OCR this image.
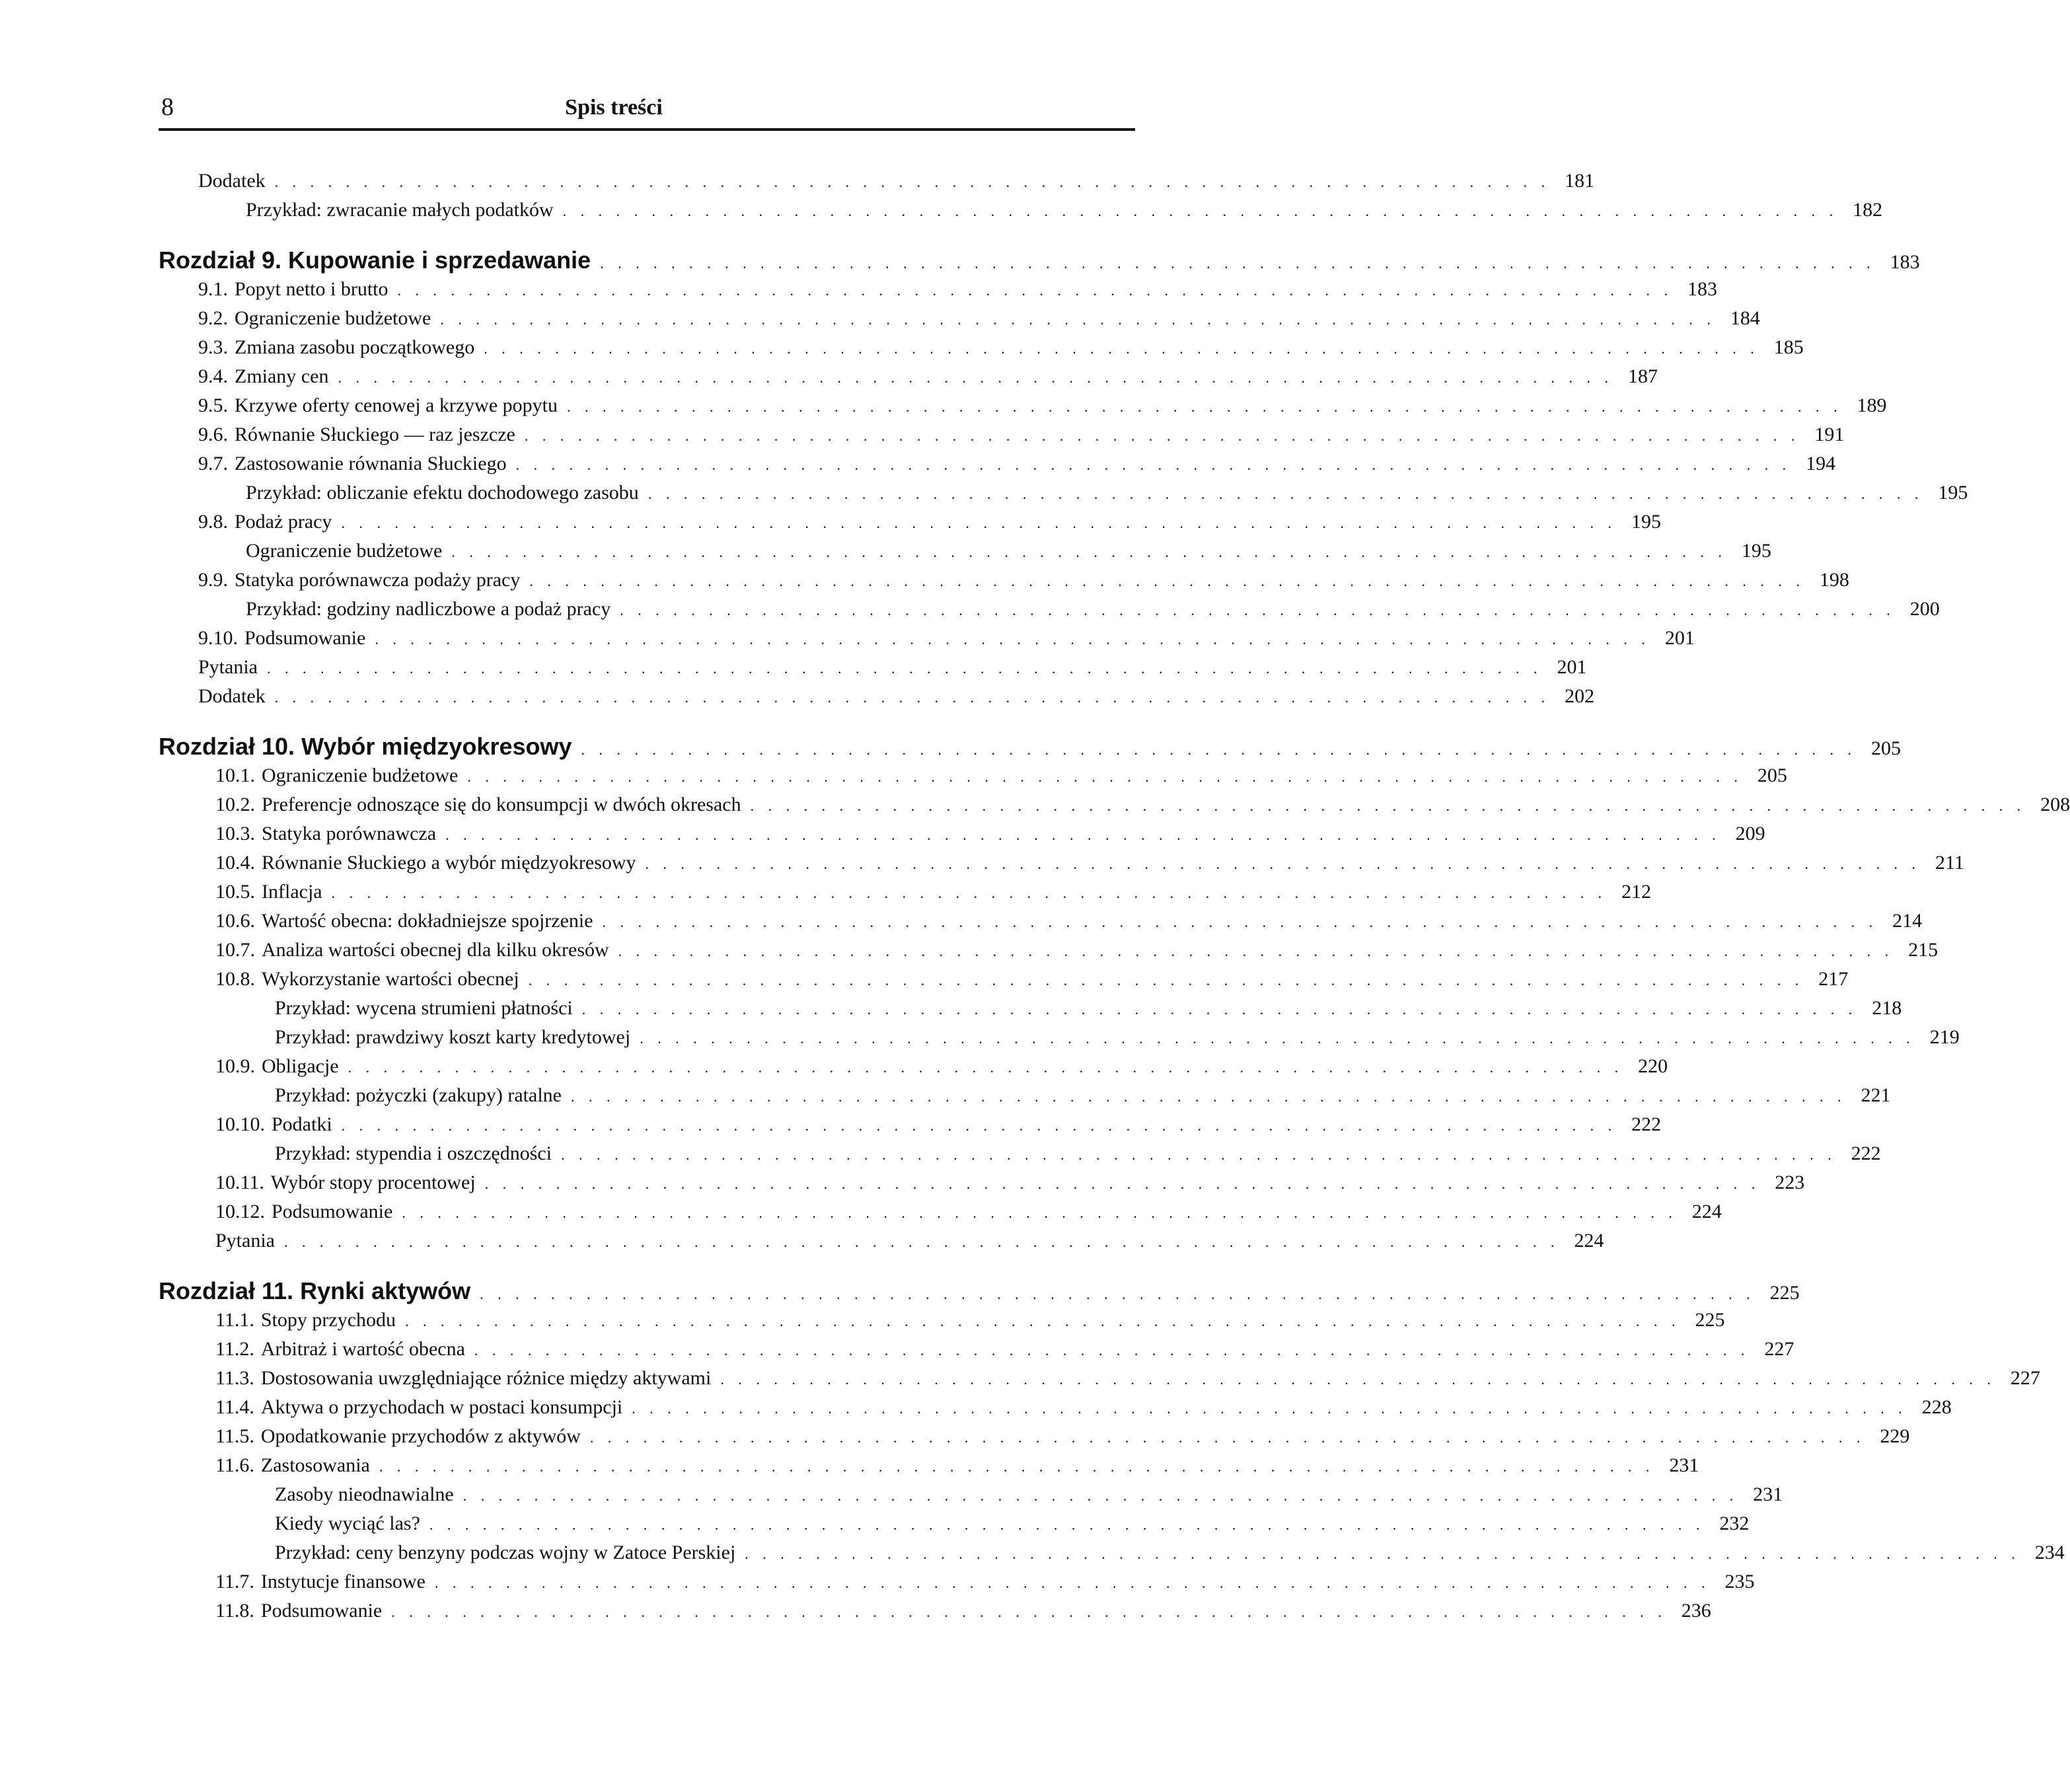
8	Spis treści
Dodatek . . . . . . . . . . . . . . . . . . . . . . . . . . . . . . . . . . . . . . . . . . . . . . . . . . . . . . . . . . . . . . . . . . . . . . . . 181
Przykład: zwracanie małych podatków . . . . . . . . . . . . . . . . . . . . . . . . . . . . . . . . . . . . . . . . . . . . . . . . . . . . . . . . . . . . . . . . . . . . . . . . 182
Rozdział 9. Kupowanie i sprzedawanie . . . . . . . . . . . . . . . . . . . . . . . . . . . . . . . . . . . . . . . . . . . . . . . . . . . . . . . . . . . . . . . . . . . . . . . . 183
9.1. Popyt netto i brutto . . . . . . . . . . . . . . . . . . . . . . . . . . . . . . . . . . . . . . . . . . . . . . . . . . . . . . . . . . . . . . . . . . . . . . . . 183
9.2. Ograniczenie budżetowe . . . . . . . . . . . . . . . . . . . . . . . . . . . . . . . . . . . . . . . . . . . . . . . . . . . . . . . . . . . . . . . . . . . . . . . . 184
9.3. Zmiana zasobu początkowego . . . . . . . . . . . . . . . . . . . . . . . . . . . . . . . . . . . . . . . . . . . . . . . . . . . . . . . . . . . . . . . . . . . . . . . . 185
9.4. Zmiany cen . . . . . . . . . . . . . . . . . . . . . . . . . . . . . . . . . . . . . . . . . . . . . . . . . . . . . . . . . . . . . . . . . . . . . . . . 187
9.5. Krzywe oferty cenowej a krzywe popytu . . . . . . . . . . . . . . . . . . . . . . . . . . . . . . . . . . . . . . . . . . . . . . . . . . . . . . . . . . . . . . . . . . . . . . . . 189
9.6. Równanie Słuckiego — raz jeszcze . . . . . . . . . . . . . . . . . . . . . . . . . . . . . . . . . . . . . . . . . . . . . . . . . . . . . . . . . . . . . . . . . . . . . . . . 191
9.7. Zastosowanie równania Słuckiego . . . . . . . . . . . . . . . . . . . . . . . . . . . . . . . . . . . . . . . . . . . . . . . . . . . . . . . . . . . . . . . . . . . . . . . . 194
Przykład: obliczanie efektu dochodowego zasobu . . . . . . . . . . . . . . . . . . . . . . . . . . . . . . . . . . . . . . . . . . . . . . . . . . . . . . . . . . . . . . . . . . . . . . . . 195
9.8. Podaż pracy . . . . . . . . . . . . . . . . . . . . . . . . . . . . . . . . . . . . . . . . . . . . . . . . . . . . . . . . . . . . . . . . . . . . . . . . 195
Ograniczenie budżetowe . . . . . . . . . . . . . . . . . . . . . . . . . . . . . . . . . . . . . . . . . . . . . . . . . . . . . . . . . . . . . . . . . . . . . . . . 195
9.9. Statyka porównawcza podaży pracy . . . . . . . . . . . . . . . . . . . . . . . . . . . . . . . . . . . . . . . . . . . . . . . . . . . . . . . . . . . . . . . . . . . . . . . . 198
Przykład: godziny nadliczbowe a podaż pracy . . . . . . . . . . . . . . . . . . . . . . . . . . . . . . . . . . . . . . . . . . . . . . . . . . . . . . . . . . . . . . . . . . . . . . . . 200
9.10. Podsumowanie . . . . . . . . . . . . . . . . . . . . . . . . . . . . . . . . . . . . . . . . . . . . . . . . . . . . . . . . . . . . . . . . . . . . . . . . 201
Pytania . . . . . . . . . . . . . . . . . . . . . . . . . . . . . . . . . . . . . . . . . . . . . . . . . . . . . . . . . . . . . . . . . . . . . . . . 201
Dodatek . . . . . . . . . . . . . . . . . . . . . . . . . . . . . . . . . . . . . . . . . . . . . . . . . . . . . . . . . . . . . . . . . . . . . . . . 202
Rozdział 10. Wybór międzyokresowy . . . . . . . . . . . . . . . . . . . . . . . . . . . . . . . . . . . . . . . . . . . . . . . . . . . . . . . . . . . . . . . . . . . . . . . . 205
10.1. Ograniczenie budżetowe . . . . . . . . . . . . . . . . . . . . . . . . . . . . . . . . . . . . . . . . . . . . . . . . . . . . . . . . . . . . . . . . . . . . . . . . 205
10.2. Preferencje odnoszące się do konsumpcji w dwóch okresach . . . . . . . . . . . . . . . . . . . . . . . . . . . . . . . . . . . . . . . . . . . . . . . . . . . . . . . . . . . . . . . . . . . . . . . . 208
10.3. Statyka porównawcza . . . . . . . . . . . . . . . . . . . . . . . . . . . . . . . . . . . . . . . . . . . . . . . . . . . . . . . . . . . . . . . . . . . . . . . . 209
10.4. Równanie Słuckiego a wybór międzyokresowy . . . . . . . . . . . . . . . . . . . . . . . . . . . . . . . . . . . . . . . . . . . . . . . . . . . . . . . . . . . . . . . . . . . . . . . . 211
10.5. Inflacja . . . . . . . . . . . . . . . . . . . . . . . . . . . . . . . . . . . . . . . . . . . . . . . . . . . . . . . . . . . . . . . . . . . . . . . . 212
10.6. Wartość obecna: dokładniejsze spojrzenie . . . . . . . . . . . . . . . . . . . . . . . . . . . . . . . . . . . . . . . . . . . . . . . . . . . . . . . . . . . . . . . . . . . . . . . . 214
10.7. Analiza wartości obecnej dla kilku okresów . . . . . . . . . . . . . . . . . . . . . . . . . . . . . . . . . . . . . . . . . . . . . . . . . . . . . . . . . . . . . . . . . . . . . . . . 215
10.8. Wykorzystanie wartości obecnej . . . . . . . . . . . . . . . . . . . . . . . . . . . . . . . . . . . . . . . . . . . . . . . . . . . . . . . . . . . . . . . . . . . . . . . . 217
Przykład: wycena strumieni płatności . . . . . . . . . . . . . . . . . . . . . . . . . . . . . . . . . . . . . . . . . . . . . . . . . . . . . . . . . . . . . . . . . . . . . . . . 218
Przykład: prawdziwy koszt karty kredytowej . . . . . . . . . . . . . . . . . . . . . . . . . . . . . . . . . . . . . . . . . . . . . . . . . . . . . . . . . . . . . . . . . . . . . . . . 219
10.9. Obligacje . . . . . . . . . . . . . . . . . . . . . . . . . . . . . . . . . . . . . . . . . . . . . . . . . . . . . . . . . . . . . . . . . . . . . . . . 220
Przykład: pożyczki (zakupy) ratalne . . . . . . . . . . . . . . . . . . . . . . . . . . . . . . . . . . . . . . . . . . . . . . . . . . . . . . . . . . . . . . . . . . . . . . . . 221
10.10. Podatki . . . . . . . . . . . . . . . . . . . . . . . . . . . . . . . . . . . . . . . . . . . . . . . . . . . . . . . . . . . . . . . . . . . . . . . . 222
Przykład: stypendia i oszczędności . . . . . . . . . . . . . . . . . . . . . . . . . . . . . . . . . . . . . . . . . . . . . . . . . . . . . . . . . . . . . . . . . . . . . . . . 222
10.11. Wybór stopy procentowej . . . . . . . . . . . . . . . . . . . . . . . . . . . . . . . . . . . . . . . . . . . . . . . . . . . . . . . . . . . . . . . . . . . . . . . . 223
10.12. Podsumowanie . . . . . . . . . . . . . . . . . . . . . . . . . . . . . . . . . . . . . . . . . . . . . . . . . . . . . . . . . . . . . . . . . . . . . . . . 224
Pytania . . . . . . . . . . . . . . . . . . . . . . . . . . . . . . . . . . . . . . . . . . . . . . . . . . . . . . . . . . . . . . . . . . . . . . . . 224
Rozdział 11. Rynki aktywów . . . . . . . . . . . . . . . . . . . . . . . . . . . . . . . . . . . . . . . . . . . . . . . . . . . . . . . . . . . . . . . . . . . . . . . . 225
11.1. Stopy przychodu . . . . . . . . . . . . . . . . . . . . . . . . . . . . . . . . . . . . . . . . . . . . . . . . . . . . . . . . . . . . . . . . . . . . . . . . 225
11.2. Arbitraż i wartość obecna . . . . . . . . . . . . . . . . . . . . . . . . . . . . . . . . . . . . . . . . . . . . . . . . . . . . . . . . . . . . . . . . . . . . . . . . 227
11.3. Dostosowania uwzględniające różnice między aktywami . . . . . . . . . . . . . . . . . . . . . . . . . . . . . . . . . . . . . . . . . . . . . . . . . . . . . . . . . . . . . . . . . . . . . . . . 227
11.4. Aktywa o przychodach w postaci konsumpcji . . . . . . . . . . . . . . . . . . . . . . . . . . . . . . . . . . . . . . . . . . . . . . . . . . . . . . . . . . . . . . . . . . . . . . . . 228
11.5. Opodatkowanie przychodów z aktywów . . . . . . . . . . . . . . . . . . . . . . . . . . . . . . . . . . . . . . . . . . . . . . . . . . . . . . . . . . . . . . . . . . . . . . . . 229
11.6. Zastosowania . . . . . . . . . . . . . . . . . . . . . . . . . . . . . . . . . . . . . . . . . . . . . . . . . . . . . . . . . . . . . . . . . . . . . . . . 231
Zasoby nieodnawialne . . . . . . . . . . . . . . . . . . . . . . . . . . . . . . . . . . . . . . . . . . . . . . . . . . . . . . . . . . . . . . . . . . . . . . . . 231
Kiedy wyciąć las? . . . . . . . . . . . . . . . . . . . . . . . . . . . . . . . . . . . . . . . . . . . . . . . . . . . . . . . . . . . . . . . . . . . . . . . . 232
Przykład: ceny benzyny podczas wojny w Zatoce Perskiej . . . . . . . . . . . . . . . . . . . . . . . . . . . . . . . . . . . . . . . . . . . . . . . . . . . . . . . . . . . . . . . . . . . . . . . . 234
11.7. Instytucje finansowe . . . . . . . . . . . . . . . . . . . . . . . . . . . . . . . . . . . . . . . . . . . . . . . . . . . . . . . . . . . . . . . . . . . . . . . . 235
11.8. Podsumowanie . . . . . . . . . . . . . . . . . . . . . . . . . . . . . . . . . . . . . . . . . . . . . . . . . . . . . . . . . . . . . . . . . . . . . . . . 236
